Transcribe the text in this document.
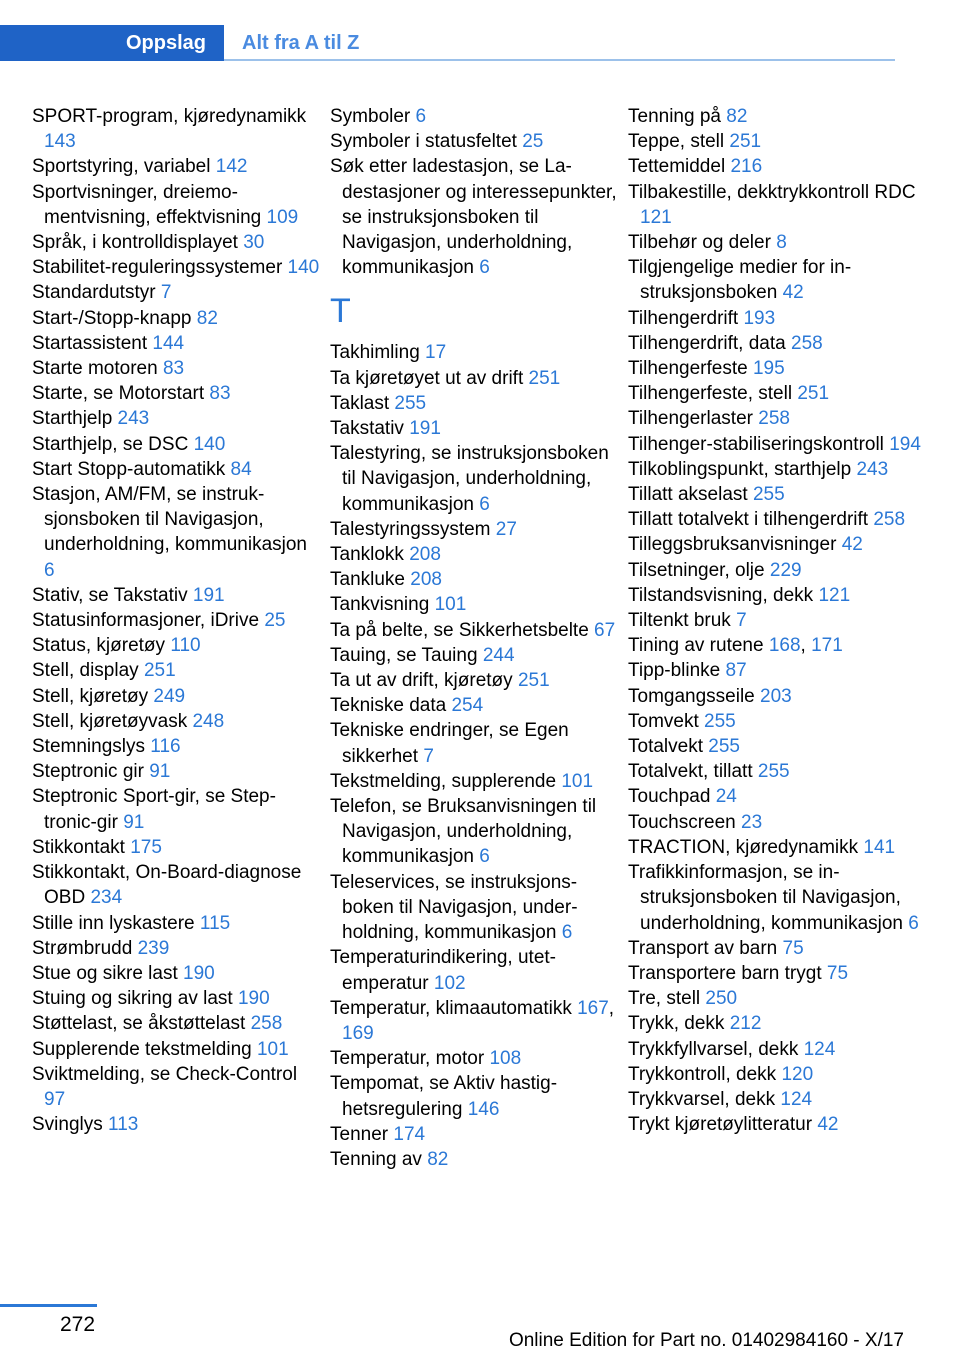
Oppslag	Alt fra A til Z
SPORT-program, kjøredynamikk 143
Sportstyring, variabel 142
Sportvisninger, dreiemomentvisning, effektvisning 109
Språk, i kontrolldisplayet 30
Stabilitet-reguleringssystemer 140
Standardutstyr 7
Start-/Stopp-knapp 82
Startassistent 144
Starte motoren 83
Starte, se Motorstart 83
Starthjelp 243
Starthjelp, se DSC 140
Start Stopp-automatikk 84
Stasjon, AM/FM, se instruksjonsboken til Navigasjon, underholdning, kommunikasjon 6
Stativ, se Takstativ 191
Statusinformasjoner, iDrive 25
Status, kjøretøy 110
Stell, display 251
Stell, kjøretøy 249
Stell, kjøretøyvask 248
Stemningslys 116
Steptronic gir 91
Steptronic Sport-gir, se Steptronic-gir 91
Stikkontakt 175
Stikkontakt, On-Board-diagnose OBD 234
Stille inn lyskastere 115
Strømbrudd 239
Stue og sikre last 190
Stuing og sikring av last 190
Støttelast, se åkstøttelast 258
Supplerende tekstmelding 101
Sviktmelding, se Check-Control 97
Svinglys 113
Symboler 6
Symboler i statusfeltet 25
Søk etter ladestasjon, se Ladestasjoner og interessepunkter, se instruksjonsboken til Navigasjon, underholdning, kommunikasjon 6
T
Takhimling 17
Ta kjøretøyet ut av drift 251
Taklast 255
Takstativ 191
Talestyring, se instruksjonsboken til Navigasjon, underholdning, kommunikasjon 6
Talestyringssystem 27
Tanklokk 208
Tankluke 208
Tankvisning 101
Ta på belte, se Sikkerhetsbelte 67
Tauing, se Tauing 244
Ta ut av drift, kjøretøy 251
Tekniske data 254
Tekniske endringer, se Egen sikkerhet 7
Tekstmelding, supplerende 101
Telefon, se Bruksanvisningen til Navigasjon, underholdning, kommunikasjon 6
Teleservices, se instruksjonsboken til Navigasjon, underholdning, kommunikasjon 6
Temperaturindikering, utetemperatur 102
Temperatur, klimaautomatikk 167, 169
Temperatur, motor 108
Tempomat, se Aktiv hastighetsregulering 146
Tenner 174
Tenning av 82
Tenning på 82
Teppe, stell 251
Tettemiddel 216
Tilbakestille, dekktrykkontroll RDC 121
Tilbehør og deler 8
Tilgjengelige medier for instruksjonsboken 42
Tilhengerdrift 193
Tilhengerdrift, data 258
Tilhengerfeste 195
Tilhengerfeste, stell 251
Tilhengerlaster 258
Tilhenger-stabiliseringskontroll 194
Tilkoblingspunkt, starthjelp 243
Tillatt akselast 255
Tillatt totalvekt i tilhengerdrift 258
Tilleggsbruksanvisninger 42
Tilsetninger, olje 229
Tilstandsvisning, dekk 121
Tiltenkt bruk 7
Tining av rutene 168, 171
Tipp-blinke 87
Tomgangsseile 203
Tomvekt 255
Totalvekt 255
Totalvekt, tillatt 255
Touchpad 24
Touchscreen 23
TRACTION, kjøredynamikk 141
Trafikkinformasjon, se instruksjonsboken til Navigasjon, underholdning, kommunikasjon 6
Transport av barn 75
Transportere barn trygt 75
Tre, stell 250
Trykk, dekk 212
Trykkfyllvarsel, dekk 124
Trykkontroll, dekk 120
Trykkvarsel, dekk 124
Trykt kjøretøylitteratur 42
272
Online Edition for Part no. 01402984160 - X/17
